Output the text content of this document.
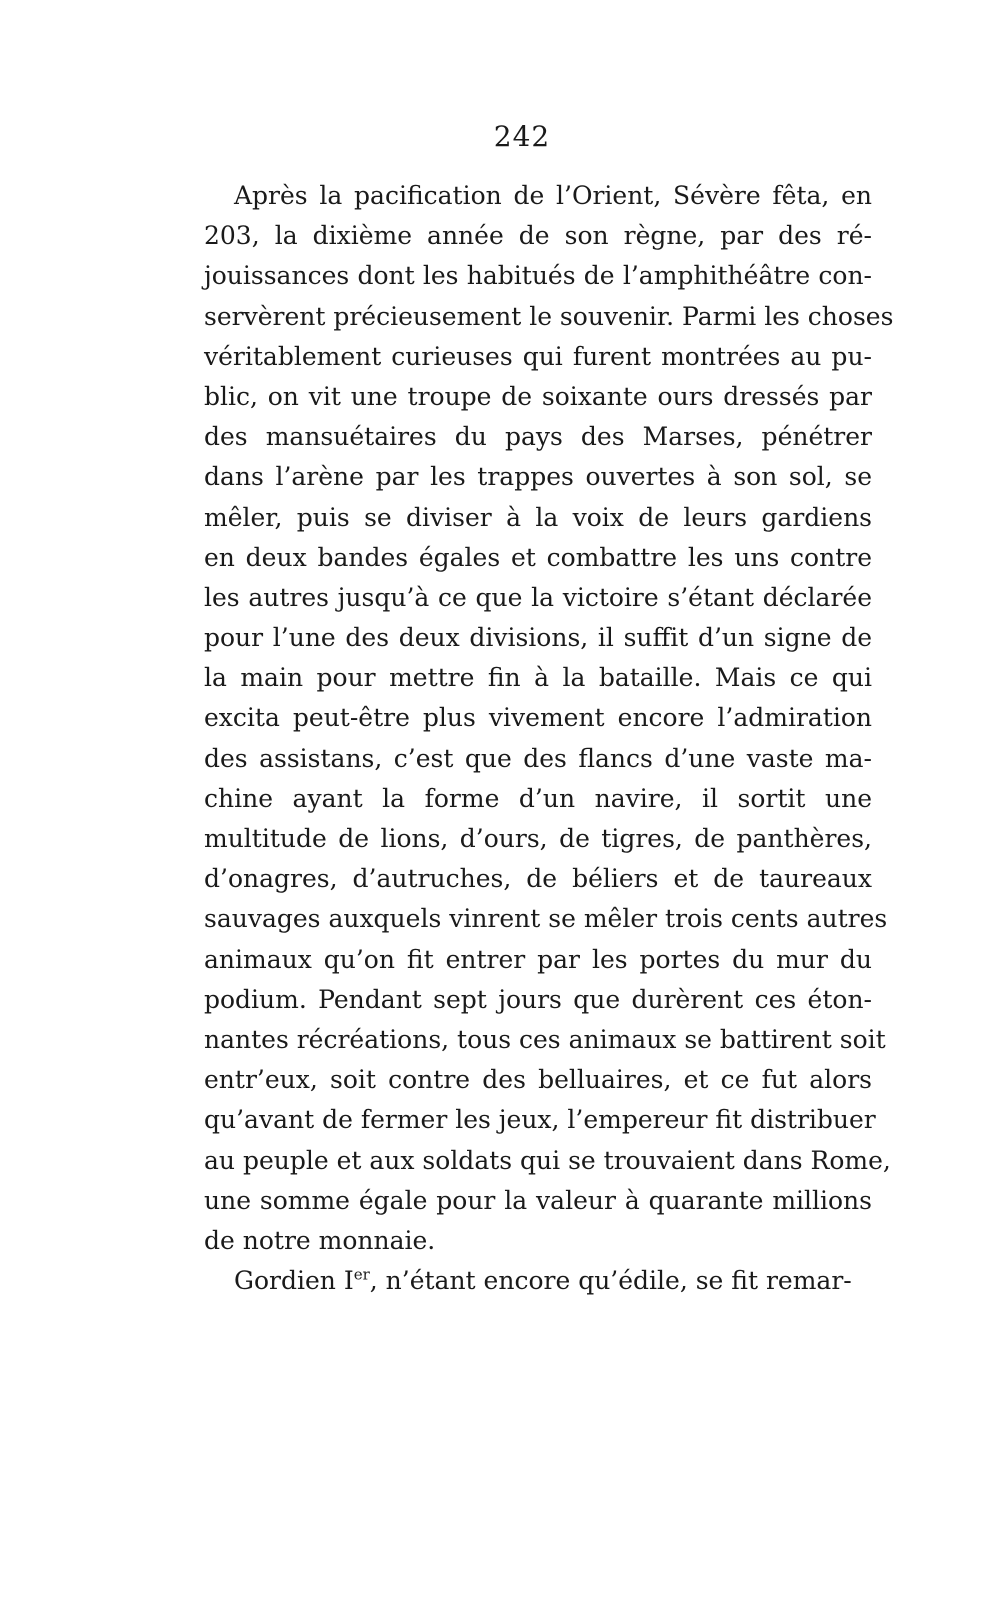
242
Après la pacification de l’Orient, Sévère fêta, en
203, la dixième année de son règne, par des ré-
jouissances dont les habitués de l’amphithéâtre con-
servèrent précieusement le souvenir. Parmi les choses
véritablement curieuses qui furent montrées au pu-
blic, on vit une troupe de soixante ours dressés par
des mansuétaires du pays des Marses, pénétrer
dans l’arène par les trappes ouvertes à son sol, se
mêler, puis se diviser à la voix de leurs gardiens
en deux bandes égales et combattre les uns contre
les autres jusqu’à ce que la victoire s’étant déclarée
pour l’une des deux divisions, il suffit d’un signe de
la main pour mettre fin à la bataille. Mais ce qui
excita peut-être plus vivement encore l’admiration
des assistans, c’est que des flancs d’une vaste ma-
chine ayant la forme d’un navire, il sortit une
multitude de lions, d’ours, de tigres, de panthères,
d’onagres, d’autruches, de béliers et de taureaux
sauvages auxquels vinrent se mêler trois cents autres
animaux qu’on fit entrer par les portes du mur du
podium. Pendant sept jours que durèrent ces éton-
nantes récréations, tous ces animaux se battirent soit
entr’eux, soit contre des belluaires, et ce fut alors
qu’avant de fermer les jeux, l’empereur fit distribuer
au peuple et aux soldats qui se trouvaient dans Rome,
une somme égale pour la valeur à quarante millions
de notre monnaie.
Gordien Ier, n’étant encore qu’édile, se fit remar-
